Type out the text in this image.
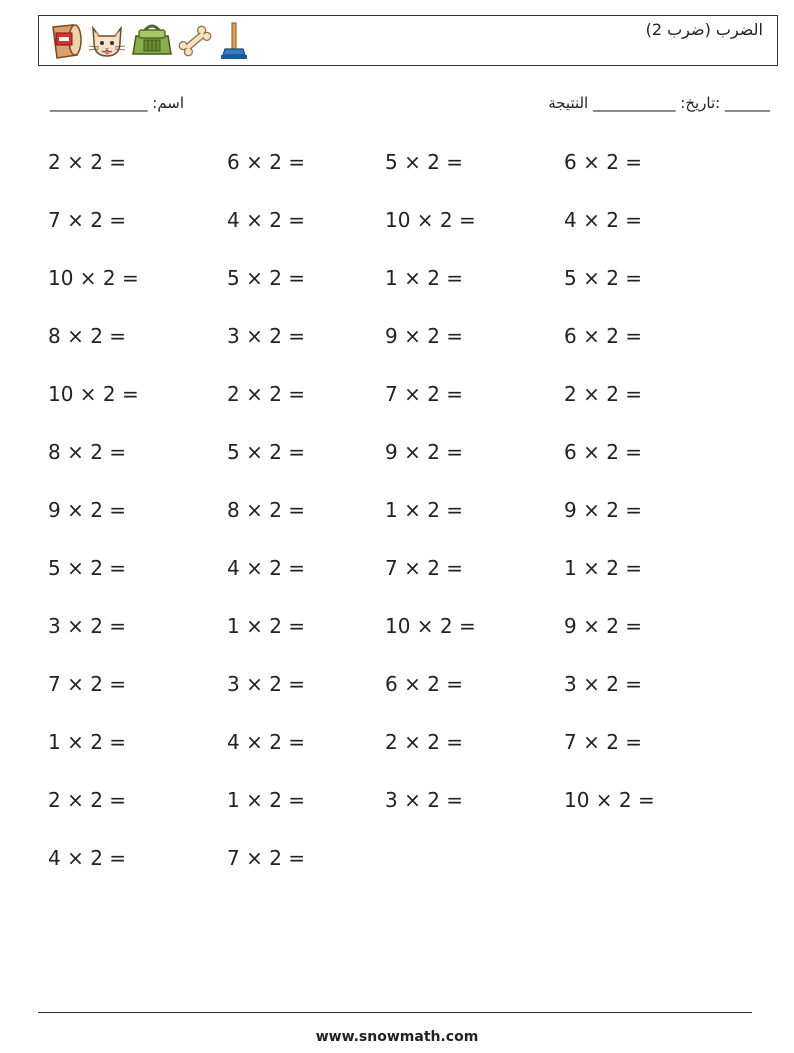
الضرب (ضرب 2)
اسم: _____________	______ :تاريخ: ___________ النتيجة
2 × 2 =	6 × 2 =	5 × 2 =	6 × 2 =
7 × 2 =	4 × 2 =	10 × 2 =	4 × 2 =
10 × 2 =	5 × 2 =	1 × 2 =	5 × 2 =
8 × 2 =	3 × 2 =	9 × 2 =	6 × 2 =
10 × 2 =	2 × 2 =	7 × 2 =	2 × 2 =
8 × 2 =	5 × 2 =	9 × 2 =	6 × 2 =
9 × 2 =	8 × 2 =	1 × 2 =	9 × 2 =
5 × 2 =	4 × 2 =	7 × 2 =	1 × 2 =
3 × 2 =	1 × 2 =	10 × 2 =	9 × 2 =
7 × 2 =	3 × 2 =	6 × 2 =	3 × 2 =
1 × 2 =	4 × 2 =	2 × 2 =	7 × 2 =
2 × 2 =	1 × 2 =	3 × 2 =	10 × 2 =
4 × 2 =	7 × 2 =
www.snowmath.com
